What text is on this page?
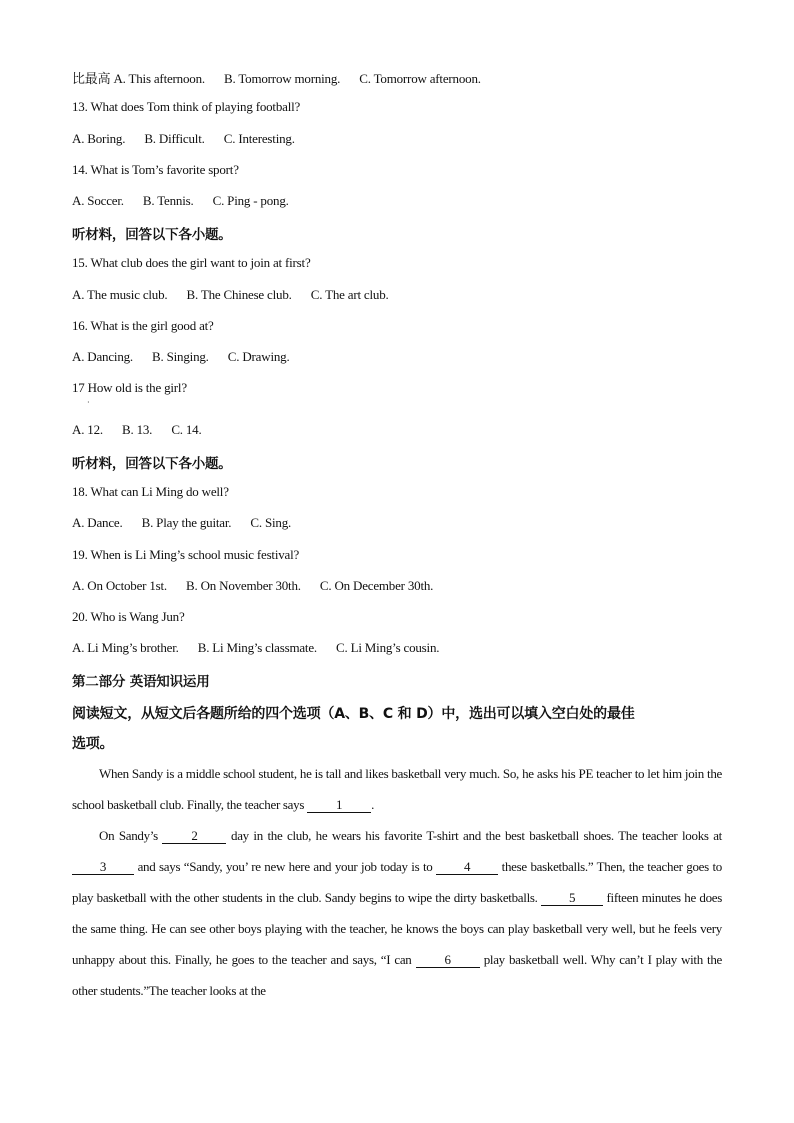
比最高 A. This afternoon. B. Tomorrow morning. C. Tomorrow afternoon.
13. What does Tom think of playing football?
A. Boring. B. Difficult. C. Interesting.
14. What is Tom’s favorite sport?
A. Soccer. B. Tennis. C. Ping - pong.
听材料，回答以下各小题。
15. What club does the girl want to join at first?
A. The music club. B. The Chinese club. C. The art club.
16. What is the girl good at?
A. Dancing. B. Singing. C. Drawing.
17 How old is the girl?
·
A. 12. B. 13. C. 14.
听材料，回答以下各小题。
18. What can Li Ming do well?
A. Dance. B. Play the guitar. C. Sing.
19. When is Li Ming’s school music festival?
A. On October 1st. B. On November 30th. C. On December 30th.
20. Who is Wang Jun?
A. Li Ming’s brother. B. Li Ming’s classmate. C. Li Ming’s cousin.
第二部分 英语知识运用
阅读短文，从短文后各题所给的四个选项（A、B、C 和 D）中，选出可以填入空白处的最佳
选项。
When Sandy is a middle school student, he is tall and likes basketball very much. So, he asks his PE teacher to let him join the school basketball club. Finally, the teacher says 1 .
On Sandy’s 2 day in the club, he wears his favorite T-shirt and the best basketball shoes. The teacher looks at 3 and says “Sandy, you’ re new here and your job today is to 4 these basketballs.” Then, the teacher goes to play basketball with the other students in the club. Sandy begins to wipe the dirty basketballs. 5 fifteen minutes he does the same thing. He can see other boys playing with the teacher, he knows the boys can play basketball very well, but he feels very unhappy about this. Finally, he goes to the teacher and says, “I can 6 play basketball well. Why can’t I play with the other students.”The teacher looks at the
